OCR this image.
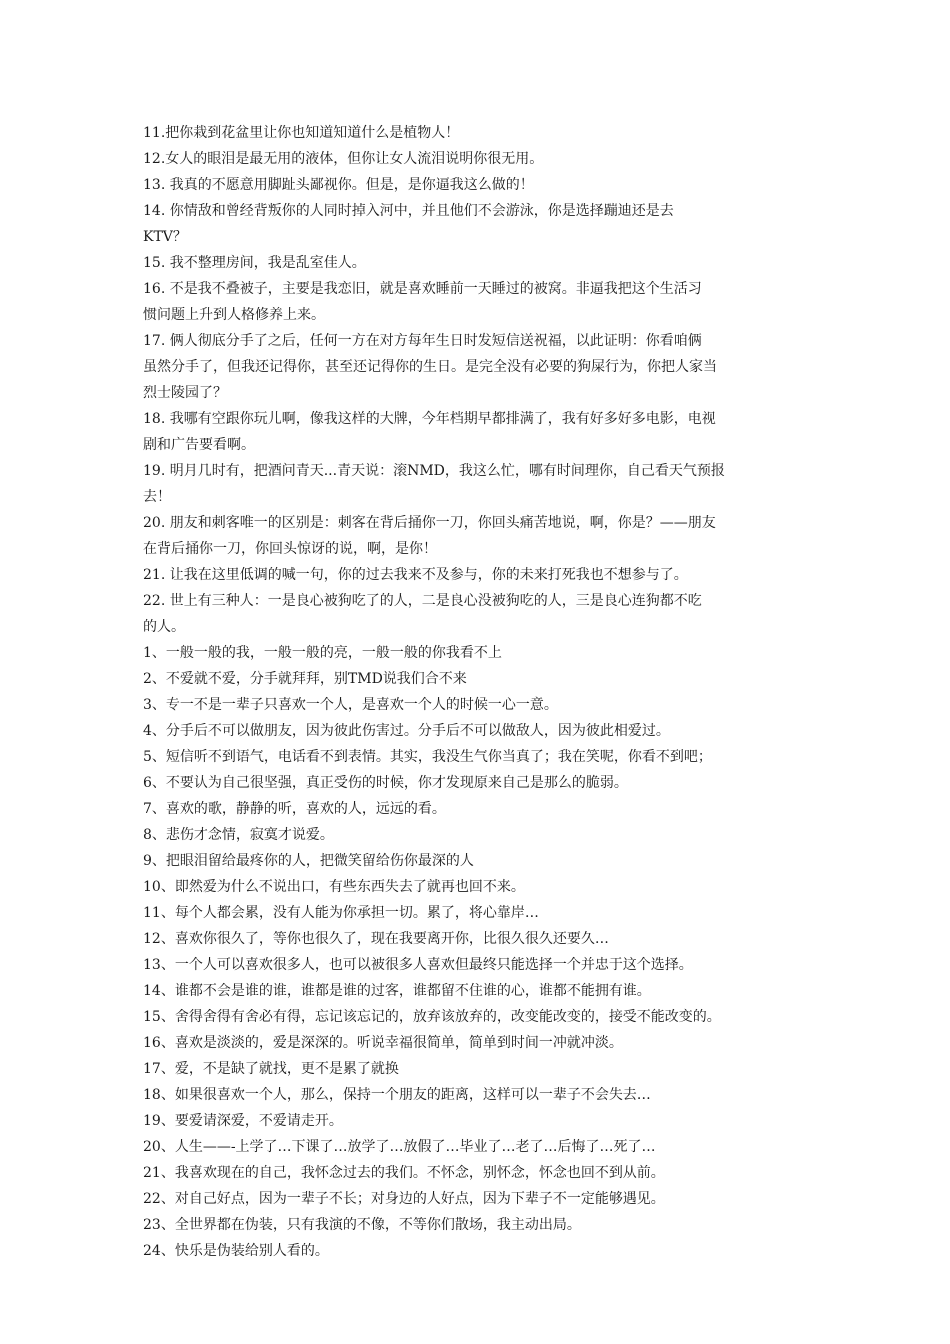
11.把你栽到花盆里让你也知道知道什么是植物人！
12.女人的眼泪是最无用的液体，但你让女人流泪说明你很无用。
13. 我真的不愿意用脚趾头鄙视你。但是，是你逼我这么做的！
14. 你情敌和曾经背叛你的人同时掉入河中，并且他们不会游泳，你是选择蹦迪还是去
KTV？
15. 我不整理房间，我是乱室佳人。
16. 不是我不叠被子，主要是我恋旧，就是喜欢睡前一天睡过的被窝。非逼我把这个生活习
惯问题上升到人格修养上来。
17. 俩人彻底分手了之后，任何一方在对方每年生日时发短信送祝福，以此证明：你看咱俩
虽然分手了，但我还记得你，甚至还记得你的生日。是完全没有必要的狗屎行为，你把人家当
烈士陵园了？
18. 我哪有空跟你玩儿啊，像我这样的大牌，今年档期早都排满了，我有好多好多电影，电视
剧和广告要看啊。
19. 明月几时有，把酒问青天...青天说：滚NMD，我这么忙，哪有时间理你，自己看天气预报
去！
20. 朋友和刺客唯一的区别是：刺客在背后捅你一刀，你回头痛苦地说，啊，你是？——朋友
在背后捅你一刀，你回头惊讶的说，啊，是你！
21. 让我在这里低调的喊一句，你的过去我来不及参与，你的未来打死我也不想参与了。
22. 世上有三种人：一是良心被狗吃了的人，二是良心没被狗吃的人，三是良心连狗都不吃
的人。
1、一般一般的我，一般一般的亮，一般一般的你我看不上
2、不爱就不爱，分手就拜拜，别TMD说我们合不来
3、专一不是一辈子只喜欢一个人，是喜欢一个人的时候一心一意。
4、分手后不可以做朋友，因为彼此伤害过。分手后不可以做敌人，因为彼此相爱过。
5、短信听不到语气，电话看不到表情。其实，我没生气你当真了；我在笑呢，你看不到吧；
6、不要认为自己很坚强，真正受伤的时候，你才发现原来自己是那么的脆弱。
7、喜欢的歌，静静的听，喜欢的人，远远的看。
8、悲伤才念情，寂寞才说爱。
9、把眼泪留给最疼你的人，把微笑留给伤你最深的人
10、即然爱为什么不说出口，有些东西失去了就再也回不来。
11、每个人都会累，没有人能为你承担一切。累了，将心靠岸…
12、喜欢你很久了，等你也很久了，现在我要离开你，比很久很久还要久…
13、一个人可以喜欢很多人，也可以被很多人喜欢但最终只能选择一个并忠于这个选择。
14、谁都不会是谁的谁，谁都是谁的过客，谁都留不住谁的心，谁都不能拥有谁。
15、舍得舍得有舍必有得，忘记该忘记的，放弃该放弃的，改变能改变的，接受不能改变的。
16、喜欢是淡淡的，爱是深深的。听说幸福很简单，简单到时间一冲就冲淡。
17、爱，不是缺了就找，更不是累了就换
18、如果很喜欢一个人，那么，保持一个朋友的距离，这样可以一辈子不会失去…
19、要爱请深爱，不爱请走开。
20、人生——-上学了…下课了…放学了…放假了…毕业了…老了…后悔了…死了…
21、我喜欢现在的自己，我怀念过去的我们。不怀念，别怀念，怀念也回不到从前。
22、对自己好点，因为一辈子不长；对身边的人好点，因为下辈子不一定能够遇见。
23、全世界都在伪装，只有我演的不像，不等你们散场，我主动出局。
24、快乐是伪装给别人看的。
